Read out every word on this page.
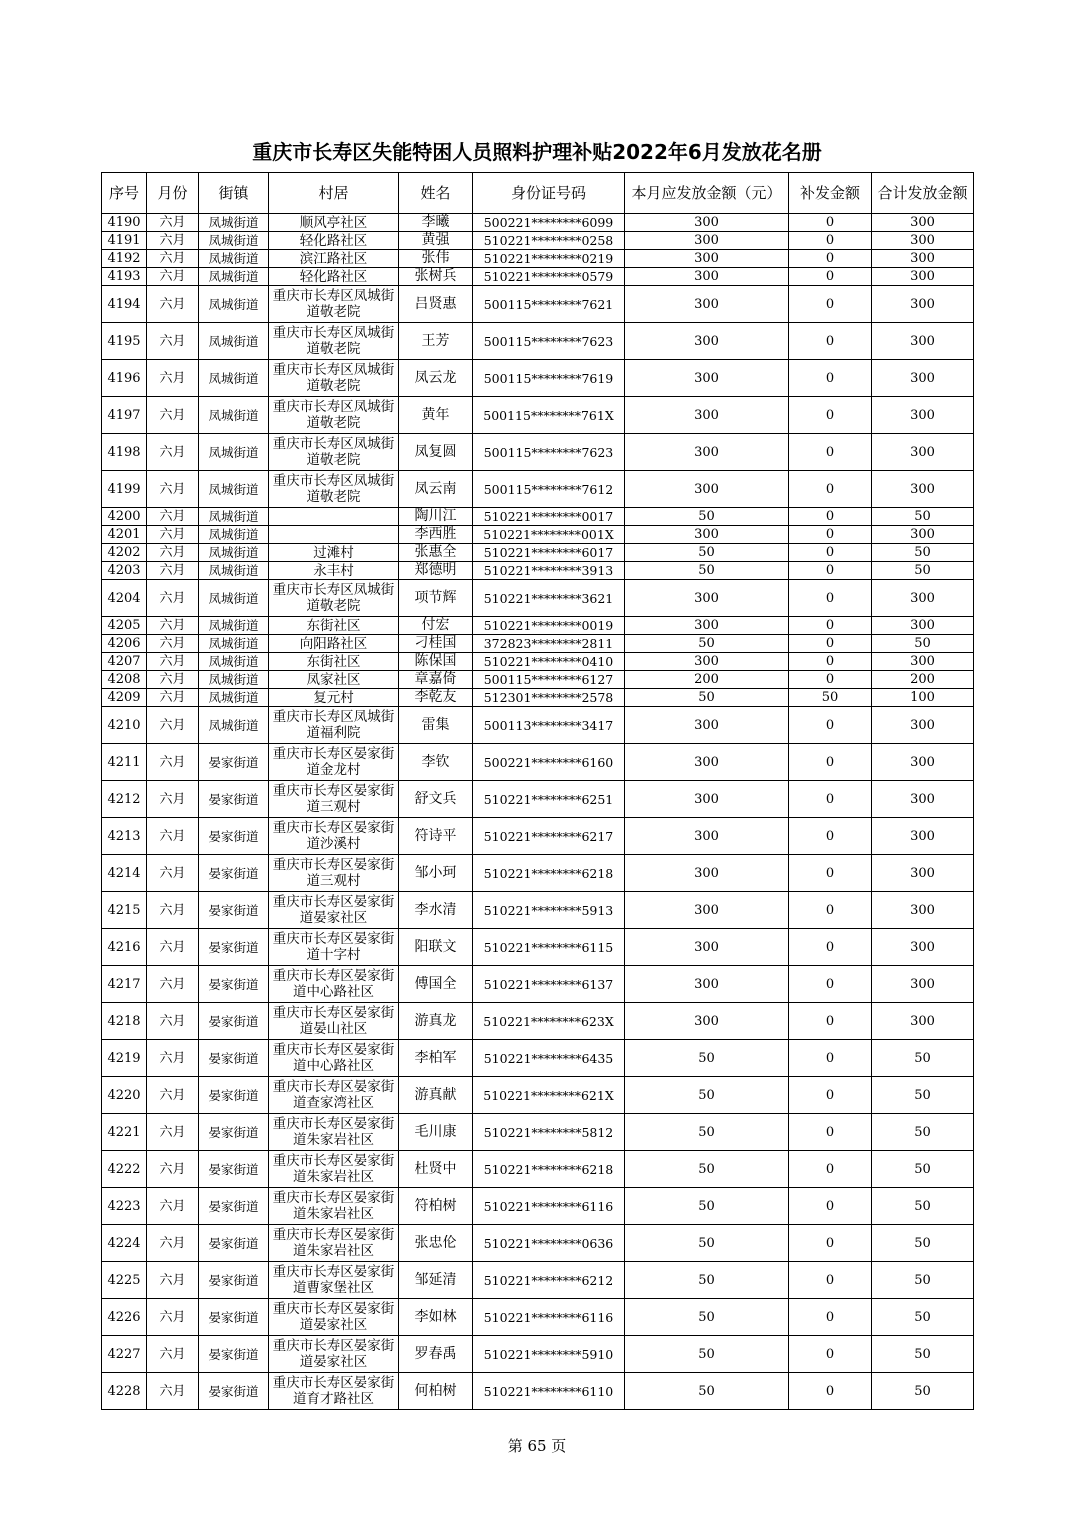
重庆市长寿区失能特困人员照料护理补贴2022年6月发放花名册
序号	月份	街镇	村居	姓名	身份证号码	本月应发放金额（元）	补发金额	合计发放金额
4190	六月	凤城街道	顺风亭社区	李曦	500221********6099	300	0	300
4191	六月	凤城街道	轻化路社区	黄强	510221********0258	300	0	300
4192	六月	凤城街道	滨江路社区	张伟	510221********0219	300	0	300
4193	六月	凤城街道	轻化路社区	张树兵	510221********0579	300	0	300
4194	六月	凤城街道	重庆市长寿区凤城街道敬老院	吕贤惠	500115********7621	300	0	300
4195	六月	凤城街道	重庆市长寿区凤城街道敬老院	王芳	500115********7623	300	0	300
4196	六月	凤城街道	重庆市长寿区凤城街道敬老院	凤云龙	500115********7619	300	0	300
4197	六月	凤城街道	重庆市长寿区凤城街道敬老院	黄年	500115********761X	300	0	300
4198	六月	凤城街道	重庆市长寿区凤城街道敬老院	凤复圆	500115********7623	300	0	300
4199	六月	凤城街道	重庆市长寿区凤城街道敬老院	凤云南	500115********7612	300	0	300
4200	六月	凤城街道		陶川江	510221********0017	50	0	50
4201	六月	凤城街道		李西胜	510221********001X	300	0	300
4202	六月	凤城街道	过滩村	张惠全	510221********6017	50	0	50
4203	六月	凤城街道	永丰村	郑德明	510221********3913	50	0	50
4204	六月	凤城街道	重庆市长寿区凤城街道敬老院	项节辉	510221********3621	300	0	300
4205	六月	凤城街道	东街社区	付宏	510221********0019	300	0	300
4206	六月	凤城街道	向阳路社区	刁桂国	372823********2811	50	0	50
4207	六月	凤城街道	东街社区	陈保国	510221********0410	300	0	300
4208	六月	凤城街道	凤家社区	章嘉倚	500115********6127	200	0	200
4209	六月	凤城街道	复元村	李乾友	512301********2578	50	50	100
4210	六月	凤城街道	重庆市长寿区凤城街道福利院	雷集	500113********3417	300	0	300
4211	六月	晏家街道	重庆市长寿区晏家街道金龙村	李钦	500221********6160	300	0	300
4212	六月	晏家街道	重庆市长寿区晏家街道三观村	舒文兵	510221********6251	300	0	300
4213	六月	晏家街道	重庆市长寿区晏家街道沙溪村	符诗平	510221********6217	300	0	300
4214	六月	晏家街道	重庆市长寿区晏家街道三观村	邹小珂	510221********6218	300	0	300
4215	六月	晏家街道	重庆市长寿区晏家街道晏家社区	李水清	510221********5913	300	0	300
4216	六月	晏家街道	重庆市长寿区晏家街道十字村	阳联文	510221********6115	300	0	300
4217	六月	晏家街道	重庆市长寿区晏家街道中心路社区	傅国全	510221********6137	300	0	300
4218	六月	晏家街道	重庆市长寿区晏家街道晏山社区	游真龙	510221********623X	300	0	300
4219	六月	晏家街道	重庆市长寿区晏家街道中心路社区	李柏军	510221********6435	50	0	50
4220	六月	晏家街道	重庆市长寿区晏家街道查家湾社区	游真献	510221********621X	50	0	50
4221	六月	晏家街道	重庆市长寿区晏家街道朱家岩社区	毛川康	510221********5812	50	0	50
4222	六月	晏家街道	重庆市长寿区晏家街道朱家岩社区	杜贤中	510221********6218	50	0	50
4223	六月	晏家街道	重庆市长寿区晏家街道朱家岩社区	符柏树	510221********6116	50	0	50
4224	六月	晏家街道	重庆市长寿区晏家街道朱家岩社区	张忠伦	510221********0636	50	0	50
4225	六月	晏家街道	重庆市长寿区晏家街道曹家堡社区	邹延清	510221********6212	50	0	50
4226	六月	晏家街道	重庆市长寿区晏家街道晏家社区	李如林	510221********6116	50	0	50
4227	六月	晏家街道	重庆市长寿区晏家街道晏家社区	罗春禹	510221********5910	50	0	50
4228	六月	晏家街道	重庆市长寿区晏家街道育才路社区	何柏树	510221********6110	50	0	50
第 65 页
